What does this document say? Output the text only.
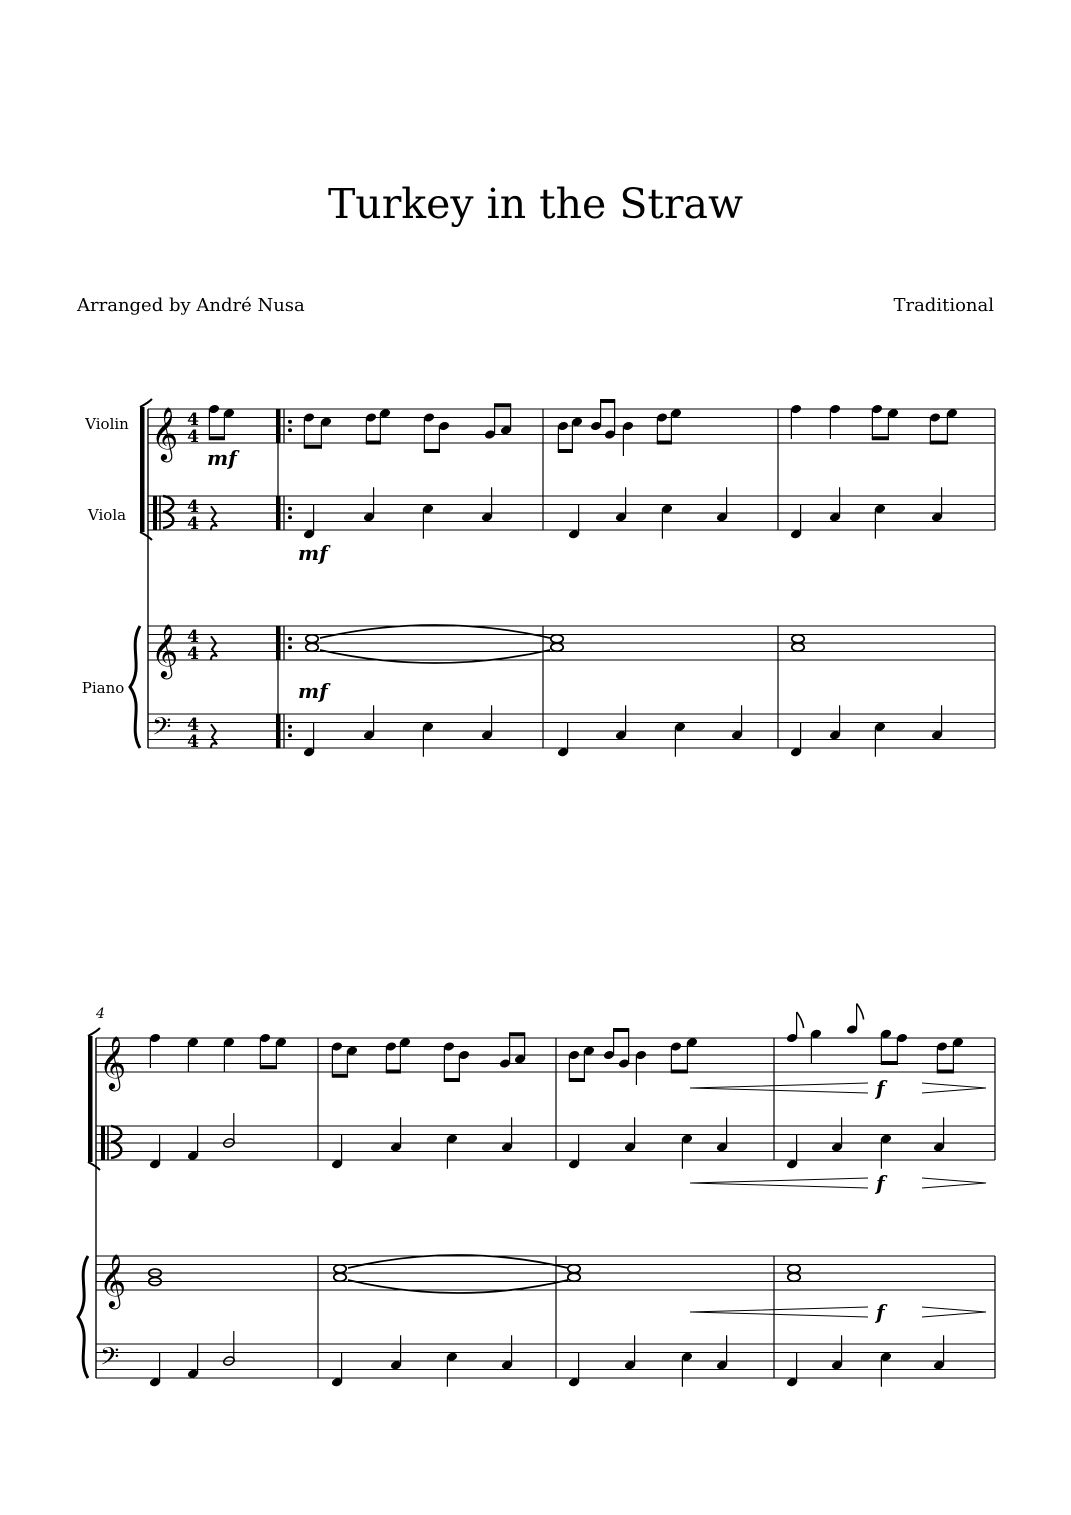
Turkey in the Straw
Arranged by André Nusa	Traditional
Violin
Viola
Piano
𝄞
𝄞
𝄢
4
4
4
4
4
4
4
4
mf
mf
mf
4
𝄞
𝄞
𝄢
f
f
f
